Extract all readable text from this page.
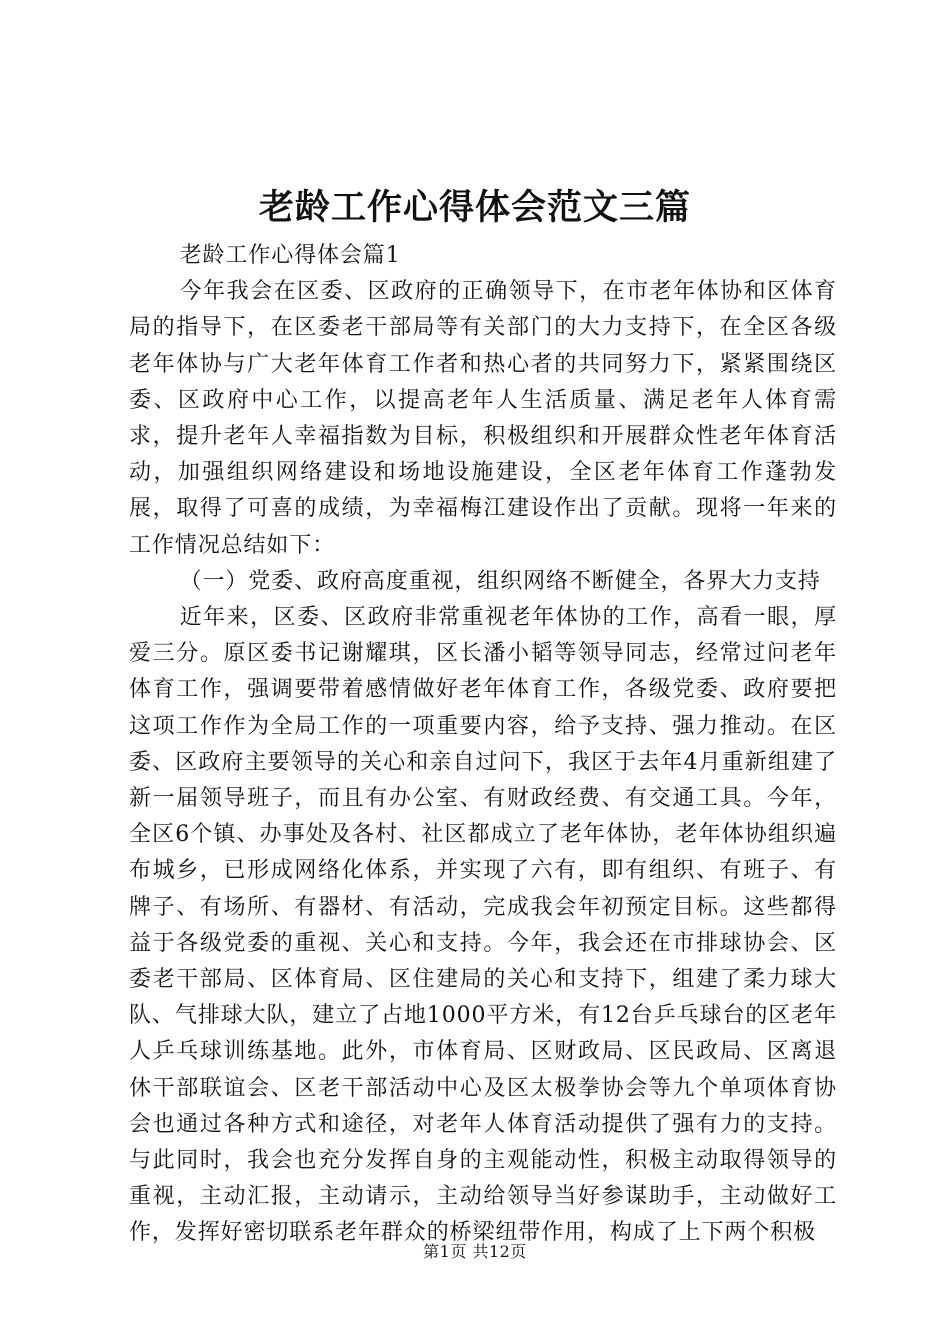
老龄工作心得体会范文三篇

老龄工作心得体会篇1

今年我会在区委、区政府的正确领导下，在市老年体协和区体育局的指导下，在区委老干部局等有关部门的大力支持下，在全区各级老年体协与广大老年体育工作者和热心者的共同努力下，紧紧围绕区委、区政府中心工作，以提高老年人生活质量、满足老年人体育需求，提升老年人幸福指数为目标，积极组织和开展群众性老年体育活动，加强组织网络建设和场地设施建设，全区老年体育工作蓬勃发展，取得了可喜的成绩，为幸福梅江建设作出了贡献。现将一年来的工作情况总结如下：

（一）党委、政府高度重视，组织网络不断健全，各界大力支持

近年来，区委、区政府非常重视老年体协的工作，高看一眼，厚爱三分。原区委书记谢耀琪，区长潘小韬等领导同志，经常过问老年体育工作，强调要带着感情做好老年体育工作，各级党委、政府要把这项工作作为全局工作的一项重要内容，给予支持、强力推动。在区委、区政府主要领导的关心和亲自过问下，我区于去年4月重新组建了新一届领导班子，而且有办公室、有财政经费、有交通工具。今年，全区6个镇、办事处及各村、社区都成立了老年体协，老年体协组织遍布城乡，已形成网络化体系，并实现了六有，即有组织、有班子、有牌子、有场所、有器材、有活动，完成我会年初预定目标。这些都得益于各级党委的重视、关心和支持。今年，我会还在市排球协会、区委老干部局、区体育局、区住建局的关心和支持下，组建了柔力球大队、气排球大队，建立了占地1000平方米，有12台乒乓球台的区老年人乒乓球训练基地。此外，市体育局、区财政局、区民政局、区离退休干部联谊会、区老干部活动中心及区太极拳协会等九个单项体育协会也通过各种方式和途径，对老年人体育活动提供了强有力的支持。与此同时，我会也充分发挥自身的主观能动性，积极主动取得领导的重视，主动汇报，主动请示，主动给领导当好参谋助手，主动做好工作，发挥好密切联系老年群众的桥梁纽带作用，构成了上下两个积极

第1页 共12页
